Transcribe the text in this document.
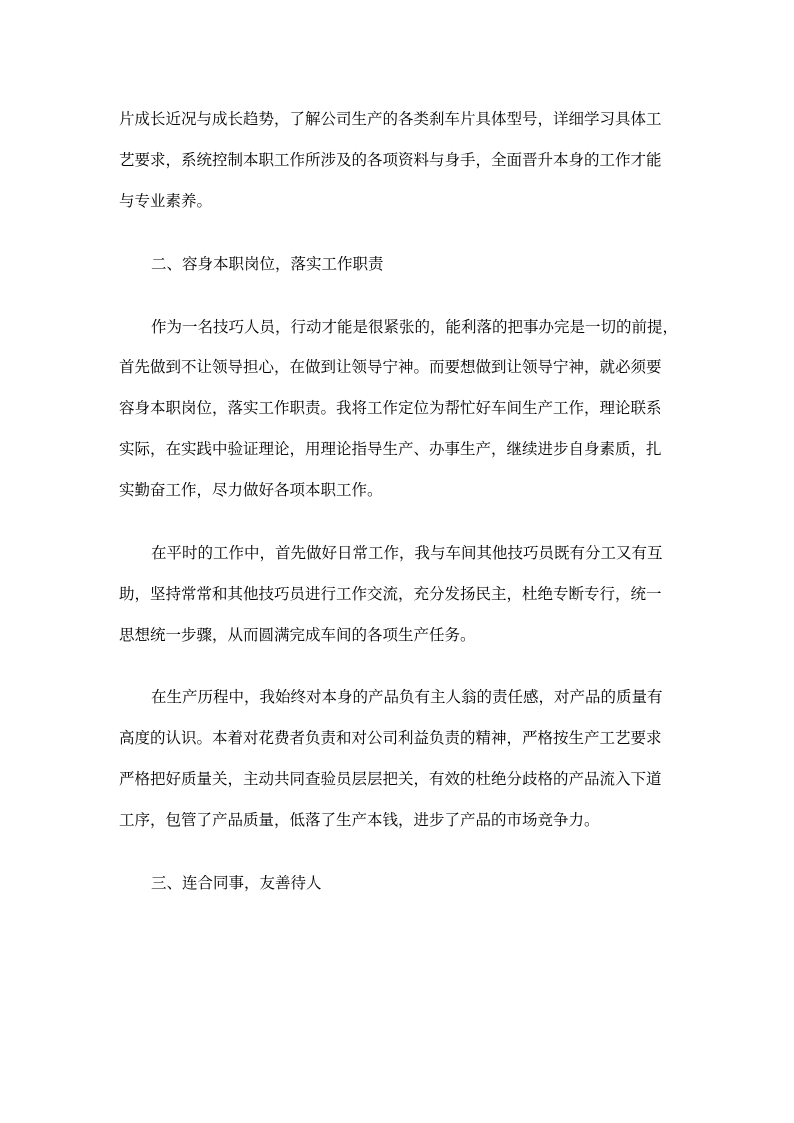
片成长近况与成长趋势，了解公司生产的各类刹车片具体型号，详细学习具体工
艺要求，系统控制本职工作所涉及的各项资料与身手，全面晋升本身的工作才能
与专业素养。
二、容身本职岗位，落实工作职责
作为一名技巧人员，行动才能是很紧张的，能利落的把事办完是一切的前提，
首先做到不让领导担心，在做到让领导宁神。而要想做到让领导宁神，就必须要
容身本职岗位，落实工作职责。我将工作定位为帮忙好车间生产工作，理论联系
实际，在实践中验证理论，用理论指导生产、办事生产，继续进步自身素质，扎
实勤奋工作，尽力做好各项本职工作。
在平时的工作中，首先做好日常工作，我与车间其他技巧员既有分工又有互
助，坚持常常和其他技巧员进行工作交流，充分发扬民主，杜绝专断专行，统一
思想统一步骤，从而圆满完成车间的各项生产任务。
在生产历程中，我始终对本身的产品负有主人翁的责任感，对产品的质量有
高度的认识。本着对花费者负责和对公司利益负责的精神，严格按生产工艺要求
严格把好质量关，主动共同查验员层层把关，有效的杜绝分歧格的产品流入下道
工序，包管了产品质量，低落了生产本钱，进步了产品的市场竞争力。
三、连合同事，友善待人
